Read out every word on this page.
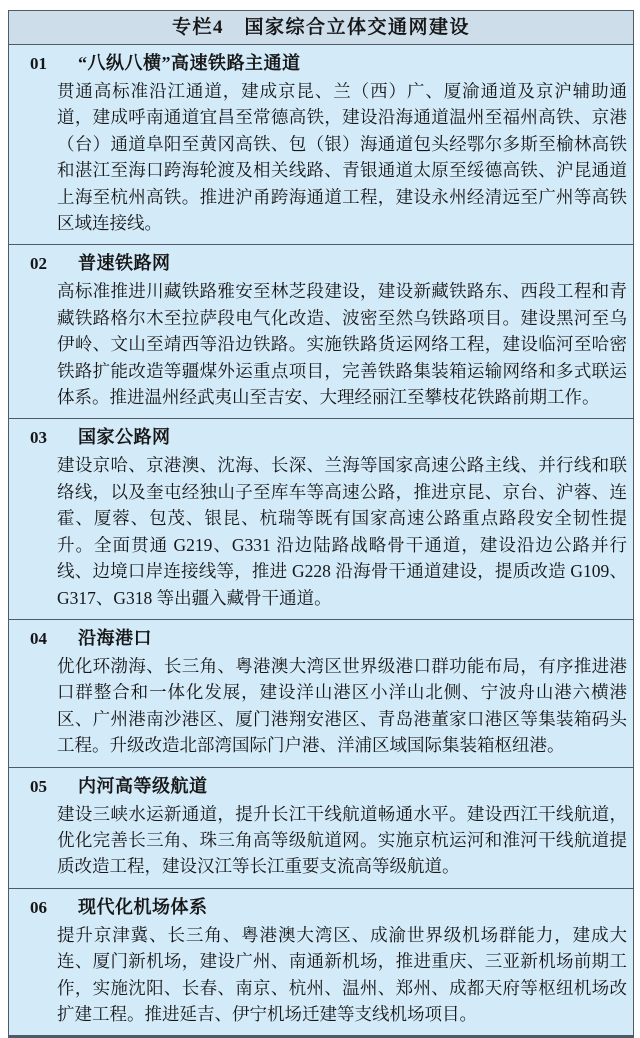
专栏4　国家综合立体交通网建设
01 “八纵八横”高速铁路主通道

贯通高标准沿江通道，建成京昆、兰（西）广、厦渝通道及京沪辅助通道，建成呼南通道宜昌至常德高铁，建设沿海通道温州至福州高铁、京港（台）通道阜阳至黄冈高铁、包（银）海通道包头经鄂尔多斯至榆林高铁和湛江至海口跨海轮渡及相关线路、青银通道太原至绥德高铁、沪昆通道上海至杭州高铁。推进沪甬跨海通道工程，建设永州经清远至广州等高铁区域连接线。

02 普速铁路网

高标准推进川藏铁路雅安至林芝段建设，建设新藏铁路东、西段工程和青藏铁路格尔木至拉萨段电气化改造、波密至然乌铁路项目。建设黑河至乌伊岭、文山至靖西等沿边铁路。实施铁路货运网络工程，建设临河至哈密铁路扩能改造等疆煤外运重点项目，完善铁路集装箱运输网络和多式联运体系。推进温州经武夷山至吉安、大理经丽江至攀枝花铁路前期工作。

03 国家公路网

建设京哈、京港澳、沈海、长深、兰海等国家高速公路主线、并行线和联络线，以及奎屯经独山子至库车等高速公路，推进京昆、京台、沪蓉、连霍、厦蓉、包茂、银昆、杭瑞等既有国家高速公路重点路段安全韧性提升。全面贯通 G219、G331 沿边陆路战略骨干通道，建设沿边公路并行线、边境口岸连接线等，推进 G228 沿海骨干通道建设，提质改造 G109、G317、G318 等出疆入藏骨干通道。

04 沿海港口

优化环渤海、长三角、粤港澳大湾区世界级港口群功能布局，有序推进港口群整合和一体化发展，建设洋山港区小洋山北侧、宁波舟山港六横港区、广州港南沙港区、厦门港翔安港区、青岛港董家口港区等集装箱码头工程。升级改造北部湾国际门户港、洋浦区域国际集装箱枢纽港。

05 内河高等级航道

建设三峡水运新通道，提升长江干线航道畅通水平。建设西江干线航道，优化完善长三角、珠三角高等级航道网。实施京杭运河和淮河干线航道提质改造工程，建设汉江等长江重要支流高等级航道。

06 现代化机场体系

提升京津冀、长三角、粤港澳大湾区、成渝世界级机场群能力，建成大连、厦门新机场，建设广州、南通新机场，推进重庆、三亚新机场前期工作，实施沈阳、长春、南京、杭州、温州、郑州、成都天府等枢纽机场改扩建工程。推进延吉、伊宁机场迁建等支线机场项目。
